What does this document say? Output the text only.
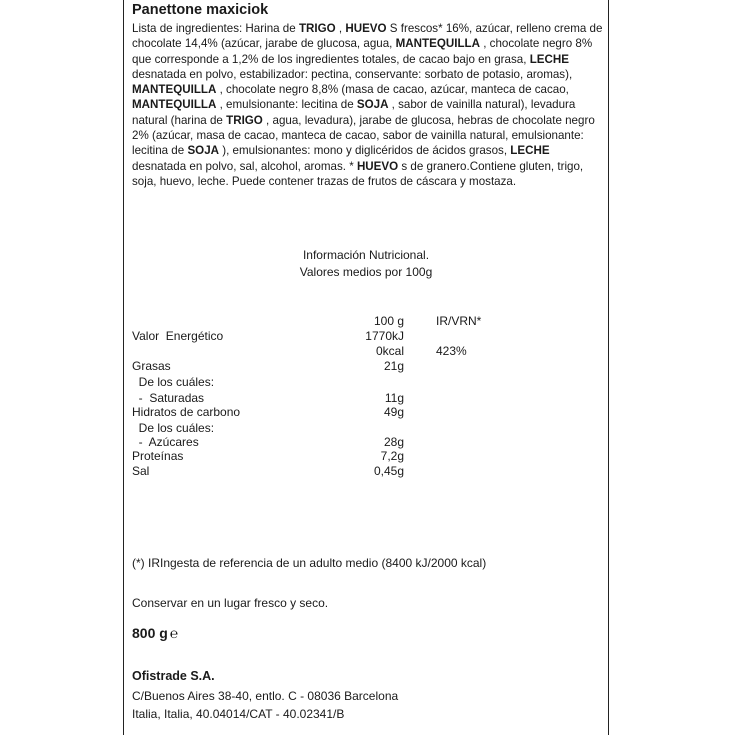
Panettone maxiciok
Lista de ingredientes: Harina de TRIGO , HUEVO S frescos* 16%, azúcar, relleno crema de chocolate 14,4% (azúcar, jarabe de glucosa, agua, MANTEQUILLA , chocolate negro 8% que corresponde a 1,2% de los ingredientes totales, de cacao bajo en grasa, LECHE desnatada en polvo, estabilizador: pectina, conservante: sorbato de potasio, aromas), MANTEQUILLA , chocolate negro 8,8% (masa de cacao, azúcar, manteca de cacao, MANTEQUILLA , emulsionante: lecitina de SOJA , sabor de vainilla natural), levadura natural (harina de TRIGO , agua, levadura), jarabe de glucosa, hebras de chocolate negro 2% (azúcar, masa de cacao, manteca de cacao, sabor de vainilla natural, emulsionante: lecitina de SOJA ), emulsionantes: mono y diglicéridos de ácidos grasos, LECHE desnatada en polvo, sal, alcohol, aromas. * HUEVO s de granero.Contiene gluten, trigo, soja, huevo, leche. Puede contener trazas de frutos de cáscara y mostaza.
Información Nutricional.
Valores medios por 100g
100 g	IR/VRN*
Valor  Energético	1770kJ
0kcal	423%
Grasas	21g
De los cuáles:
-  Saturadas	11g
Hidratos de carbono	49g
De los cuáles:
-  Azúcares	28g
Proteínas	7,2g
Sal	0,45g
(*) IRIngesta de referencia de un adulto medio (8400 kJ/2000 kcal)
Conservar en un lugar fresco y seco.
800 g ℮
Ofistrade S.A.
C/Buenos Aires 38-40, entlo. C - 08036 Barcelona
Italia, Italia, 40.04014/CAT - 40.02341/B
